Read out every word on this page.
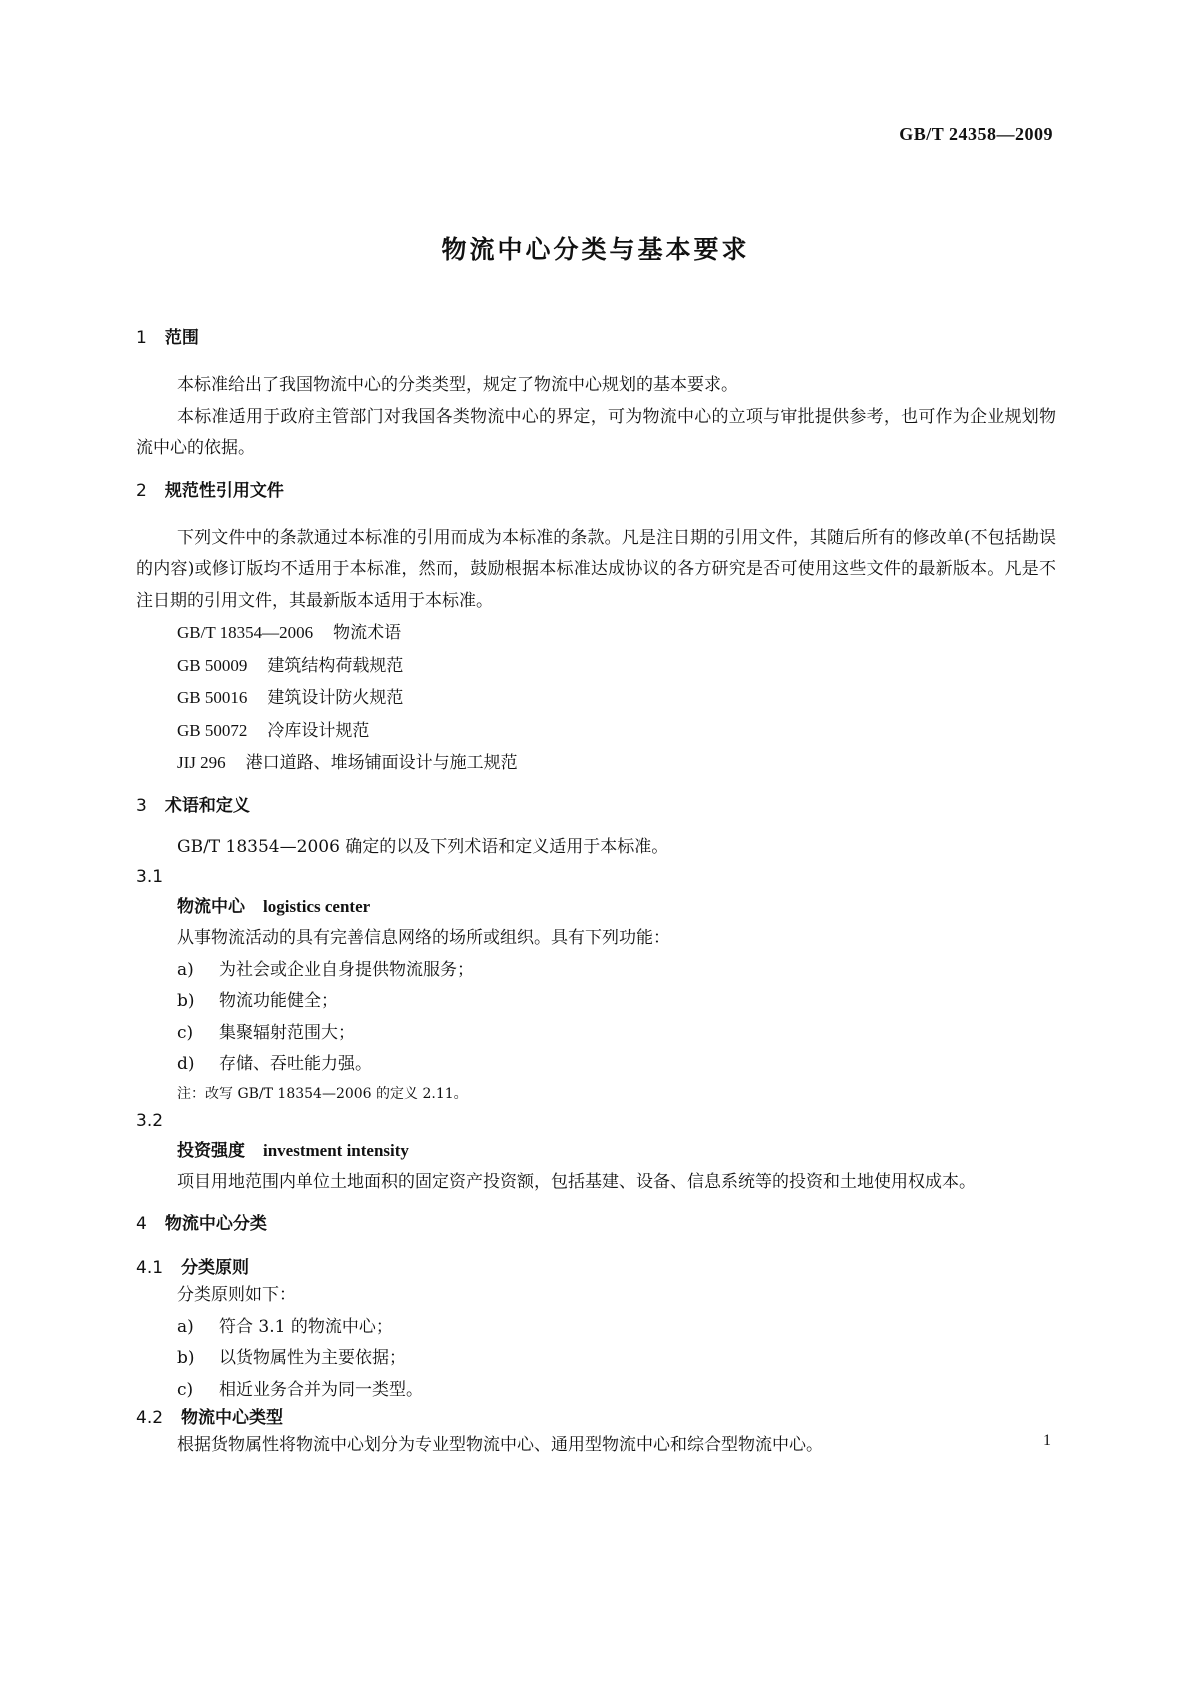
GB/T 24358—2009
物流中心分类与基本要求

1 范围

本标准给出了我国物流中心的分类类型，规定了物流中心规划的基本要求。

本标准适用于政府主管部门对我国各类物流中心的界定，可为物流中心的立项与审批提供参考，也可作为企业规划物流中心的依据。

2 规范性引用文件

下列文件中的条款通过本标准的引用而成为本标准的条款。凡是注日期的引用文件，其随后所有的修改单(不包括勘误的内容)或修订版均不适用于本标准，然而，鼓励根据本标准达成协议的各方研究是否可使用这些文件的最新版本。凡是不注日期的引用文件，其最新版本适用于本标准。

GB/T 18354—2006 物流术语

GB 50009 建筑结构荷载规范

GB 50016 建筑设计防火规范

GB 50072 冷库设计规范

JIJ 296 港口道路、堆场铺面设计与施工规范

3 术语和定义

GB/T 18354—2006 确定的以及下列术语和定义适用于本标准。

3.1

物流中心 logistics center

从事物流活动的具有完善信息网络的场所或组织。具有下列功能：

a) 为社会或企业自身提供物流服务；

b) 物流功能健全；

c) 集聚辐射范围大；

d) 存储、吞吐能力强。

注：改写 GB/T 18354—2006 的定义 2.11。

3.2

投资强度 investment intensity

项目用地范围内单位土地面积的固定资产投资额，包括基建、设备、信息系统等的投资和土地使用权成本。

4 物流中心分类

4.1 分类原则

分类原则如下：

a) 符合 3.1 的物流中心；

b) 以货物属性为主要依据；

c) 相近业务合并为同一类型。

4.2 物流中心类型

根据货物属性将物流中心划分为专业型物流中心、通用型物流中心和综合型物流中心。	1
